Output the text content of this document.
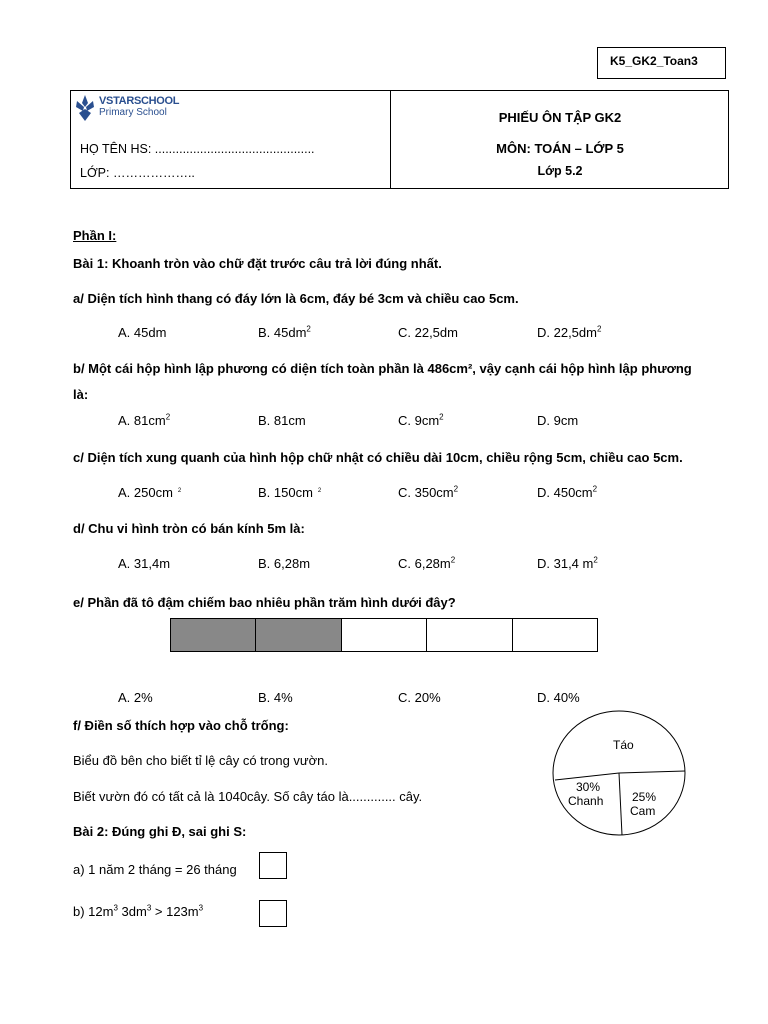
K5_GK2_Toan3
VSTARSCHOOL
Primary School
HỌ TÊN HS: ..............................................
LỚP: ………………..
PHIẾU ÔN TẬP GK2
MÔN: TOÁN – LỚP 5
Lớp 5.2
Phần I:
Bài 1: Khoanh tròn vào chữ đặt trước câu trả lời đúng nhất.
a/ Diện tích hình thang có đáy lớn là 6cm, đáy bé 3cm và chiều cao 5cm.
A. 45dm	B. $45dm^2$	C. 22,5dm	D. $22,5dm^2$
b/ Một cái hộp hình lập phương có diện tích toàn phần là 486cm², vậy cạnh cái hộp hình lập phương
là:
A. $81cm^2$	B. 81cm	C. $9cm^2$	D. 9cm
c/ Diện tích xung quanh của hình hộp chữ nhật có chiều dài 10cm, chiều rộng 5cm, chiều cao 5cm.
A. 250cm $^2$	B. 150cm $^2$	C. $350cm^2$	D. $450cm^2$
d/ Chu vi hình tròn có bán kính 5m là:
A. 31,4m	B. 6,28m	C. $6,28m^2$	D. 31,4 $m^2$
e/ Phần đã tô đậm chiếm bao nhiêu phần trăm hình dưới đây?
A. 2%	B. 4%	C. 20%	D. 40%
f/ Điền số thích hợp vào chỗ trống:
Biểu đồ bên cho biết tỉ lệ cây có trong vườn.
Biết vườn đó có tất cả là 1040cây. Số cây táo là............. cây.
Táo
30%
Chanh 25%
Cam
Bài 2: Đúng ghi Đ, sai ghi S:
a) 1 năm 2 tháng = 26 tháng
b) $12m^3$ $3dm^3 > 123m^3$
